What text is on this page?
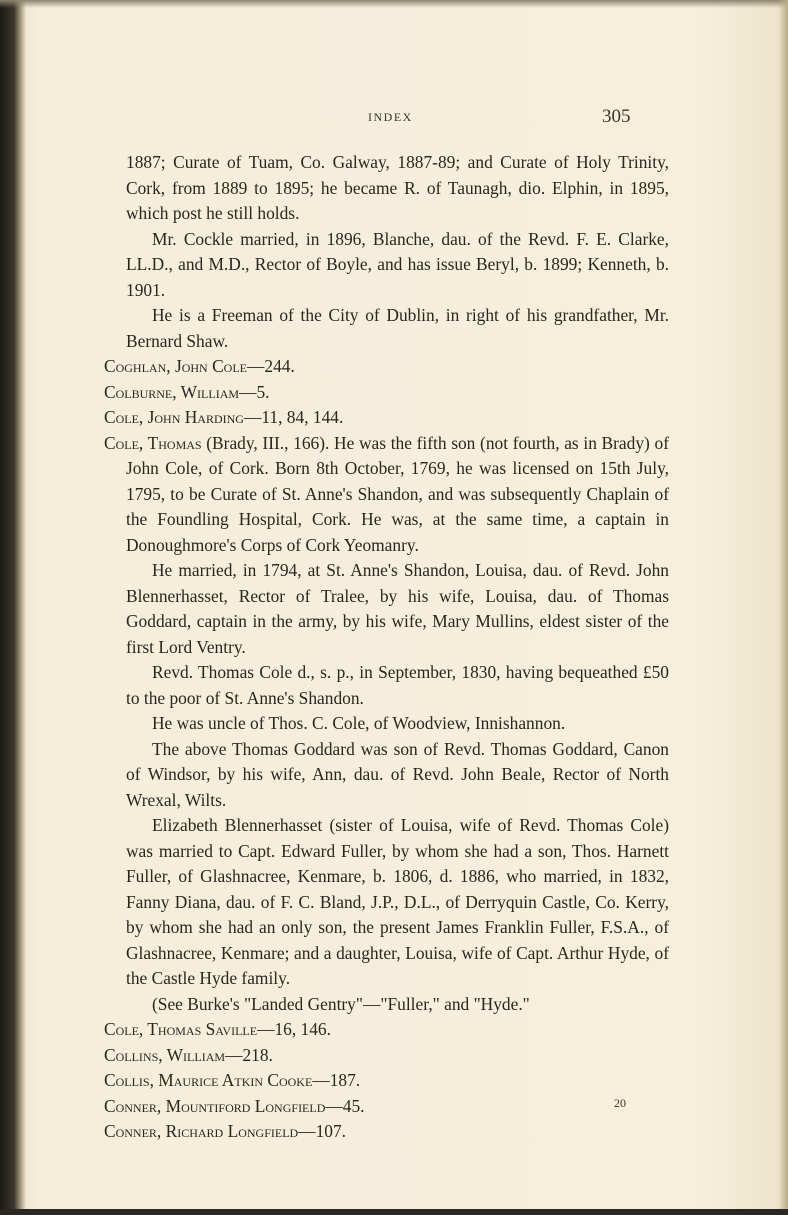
INDEX	305

1887; Curate of Tuam, Co. Galway, 1887-89; and Curate of Holy Trinity, Cork, from 1889 to 1895; he became R. of Taunagh, dio. Elphin, in 1895, which post he still holds.

Mr. Cockle married, in 1896, Blanche, dau. of the Revd. F. E. Clarke, LL.D., and M.D., Rector of Boyle, and has issue Beryl, b. 1899; Kenneth, b. 1901.

He is a Freeman of the City of Dublin, in right of his grandfather, Mr. Bernard Shaw.

Coghlan, John Cole—244.

Colburne, William—5.

Cole, John Harding—11, 84, 144.

Cole, Thomas (Brady, III., 166). He was the fifth son (not fourth, as in Brady) of John Cole, of Cork. Born 8th October, 1769, he was licensed on 15th July, 1795, to be Curate of St. Anne's Shandon, and was subsequently Chaplain of the Foundling Hospital, Cork. He was, at the same time, a captain in Donoughmore's Corps of Cork Yeomanry.

He married, in 1794, at St. Anne's Shandon, Louisa, dau. of Revd. John Blennerhasset, Rector of Tralee, by his wife, Louisa, dau. of Thomas Goddard, captain in the army, by his wife, Mary Mullins, eldest sister of the first Lord Ventry.

Revd. Thomas Cole d., s. p., in September, 1830, having bequeathed £50 to the poor of St. Anne's Shandon.

He was uncle of Thos. C. Cole, of Woodview, Innishannon.

The above Thomas Goddard was son of Revd. Thomas Goddard, Canon of Windsor, by his wife, Ann, dau. of Revd. John Beale, Rector of North Wrexal, Wilts.

Elizabeth Blennerhasset (sister of Louisa, wife of Revd. Thomas Cole) was married to Capt. Edward Fuller, by whom she had a son, Thos. Harnett Fuller, of Glashnacree, Kenmare, b. 1806, d. 1886, who married, in 1832, Fanny Diana, dau. of F. C. Bland, J.P., D.L., of Derryquin Castle, Co. Kerry, by whom she had an only son, the present James Franklin Fuller, F.S.A., of Glashnacree, Kenmare; and a daughter, Louisa, wife of Capt. Arthur Hyde, of the Castle Hyde family.

(See Burke's "Landed Gentry"—"Fuller," and "Hyde."

Cole, Thomas Saville—16, 146.

Collins, William—218.

Collis, Maurice Atkin Cooke—187.

Conner, Mountiford Longfield—45.

Conner, Richard Longfield—107.

20
